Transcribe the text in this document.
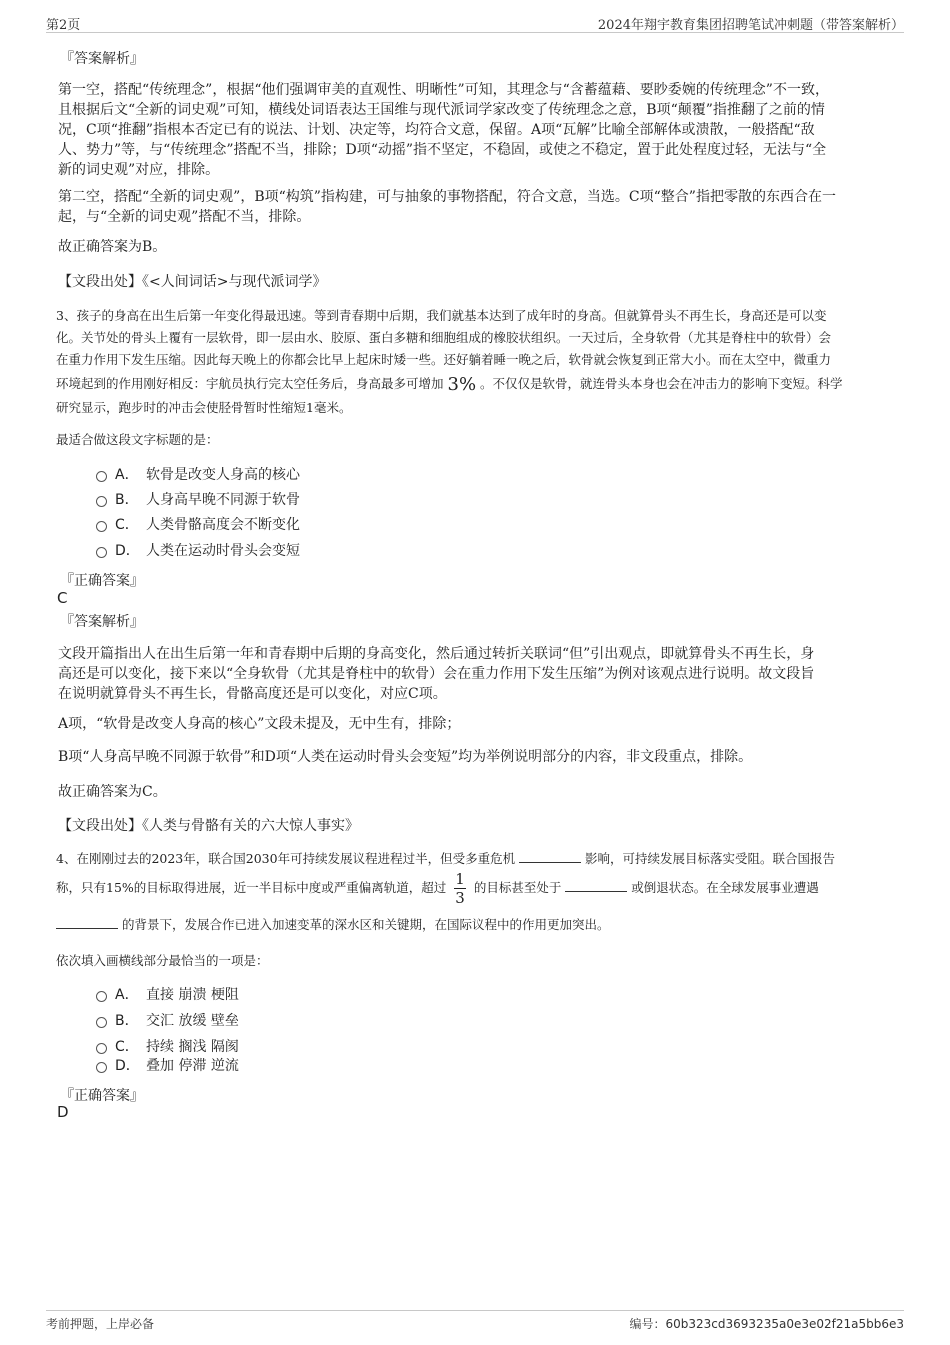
第2页	2024年翔宇教育集团招聘笔试冲刺题（带答案解析）
『答案解析』
第一空，搭配“传统理念”，根据“他们强调审美的直观性、明晰性”可知，其理念与“含蓄蕴藉、要眇委婉的传统理念”不一致，
且根据后文“全新的词史观”可知，横线处词语表达王国维与现代派词学家改变了传统理念之意，B项“颠覆”指推翻了之前的情
况，C项“推翻”指根本否定已有的说法、计划、决定等，均符合文意，保留。A项“瓦解”比喻全部解体或溃散，一般搭配“敌
人、势力”等，与“传统理念”搭配不当，排除；D项“动摇”指不坚定，不稳固，或使之不稳定，置于此处程度过轻，无法与“全
新的词史观”对应，排除。
第二空，搭配“全新的词史观”，B项“构筑”指构建，可与抽象的事物搭配，符合文意，当选。C项“整合”指把零散的东西合在一
起，与“全新的词史观”搭配不当，排除。
故正确答案为B。
【文段出处】《<人间词话>与现代派词学》
3、孩子的身高在出生后第一年变化得最迅速。等到青春期中后期，我们就基本达到了成年时的身高。但就算骨头不再生长，身高还是可以变
化。关节处的骨头上覆有一层软骨，即一层由水、胶原、蛋白多糖和细胞组成的橡胶状组织。一天过后，全身软骨（尤其是脊柱中的软骨）会
在重力作用下发生压缩。因此每天晚上的你都会比早上起床时矮一些。还好躺着睡一晚之后，软骨就会恢复到正常大小。而在太空中，微重力
环境起到的作用刚好相反：宇航员执行完太空任务后，身高最多可增加 3% 。不仅仅是软骨，就连骨头本身也会在冲击力的影响下变短。科学
研究显示，跑步时的冲击会使胫骨暂时性缩短1毫米。
最适合做这段文字标题的是：
A． 软骨是改变人身高的核心
B． 人身高早晚不同源于软骨
C． 人类骨骼高度会不断变化
D． 人类在运动时骨头会变短
『正确答案』
C
『答案解析』
文段开篇指出人在出生后第一年和青春期中后期的身高变化，然后通过转折关联词“但”引出观点，即就算骨头不再生长，身
高还是可以变化，接下来以“全身软骨（尤其是脊柱中的软骨）会在重力作用下发生压缩”为例对该观点进行说明。故文段旨
在说明就算骨头不再生长，骨骼高度还是可以变化，对应C项。
A项，“软骨是改变人身高的核心”文段未提及，无中生有，排除；
B项“人身高早晚不同源于软骨”和D项“人类在运动时骨头会变短”均为举例说明部分的内容，非文段重点，排除。
故正确答案为C。
【文段出处】《人类与骨骼有关的六大惊人事实》
4、在刚刚过去的2023年，联合国2030年可持续发展议程进程过半，但受多重危机	影响，可持续发展目标落实受阻。联合国报告
称，只有15%的目标取得进展，近一半目标中度或严重偏离轨道，超过 $\frac{1}{3}$ 的目标甚至处于	或倒退状态。在全球发展事业遭遇
的背景下，发展合作已进入加速变革的深水区和关键期，在国际议程中的作用更加突出。
依次填入画横线部分最恰当的一项是：
A． 直接 崩溃 梗阻
B． 交汇 放缓 壁垒
C． 持续 搁浅 隔阂
D． 叠加 停滞 逆流
『正确答案』
D
考前押题，上岸必备	编号：60b323cd3693235a0e3e02f21a5bb6e3
